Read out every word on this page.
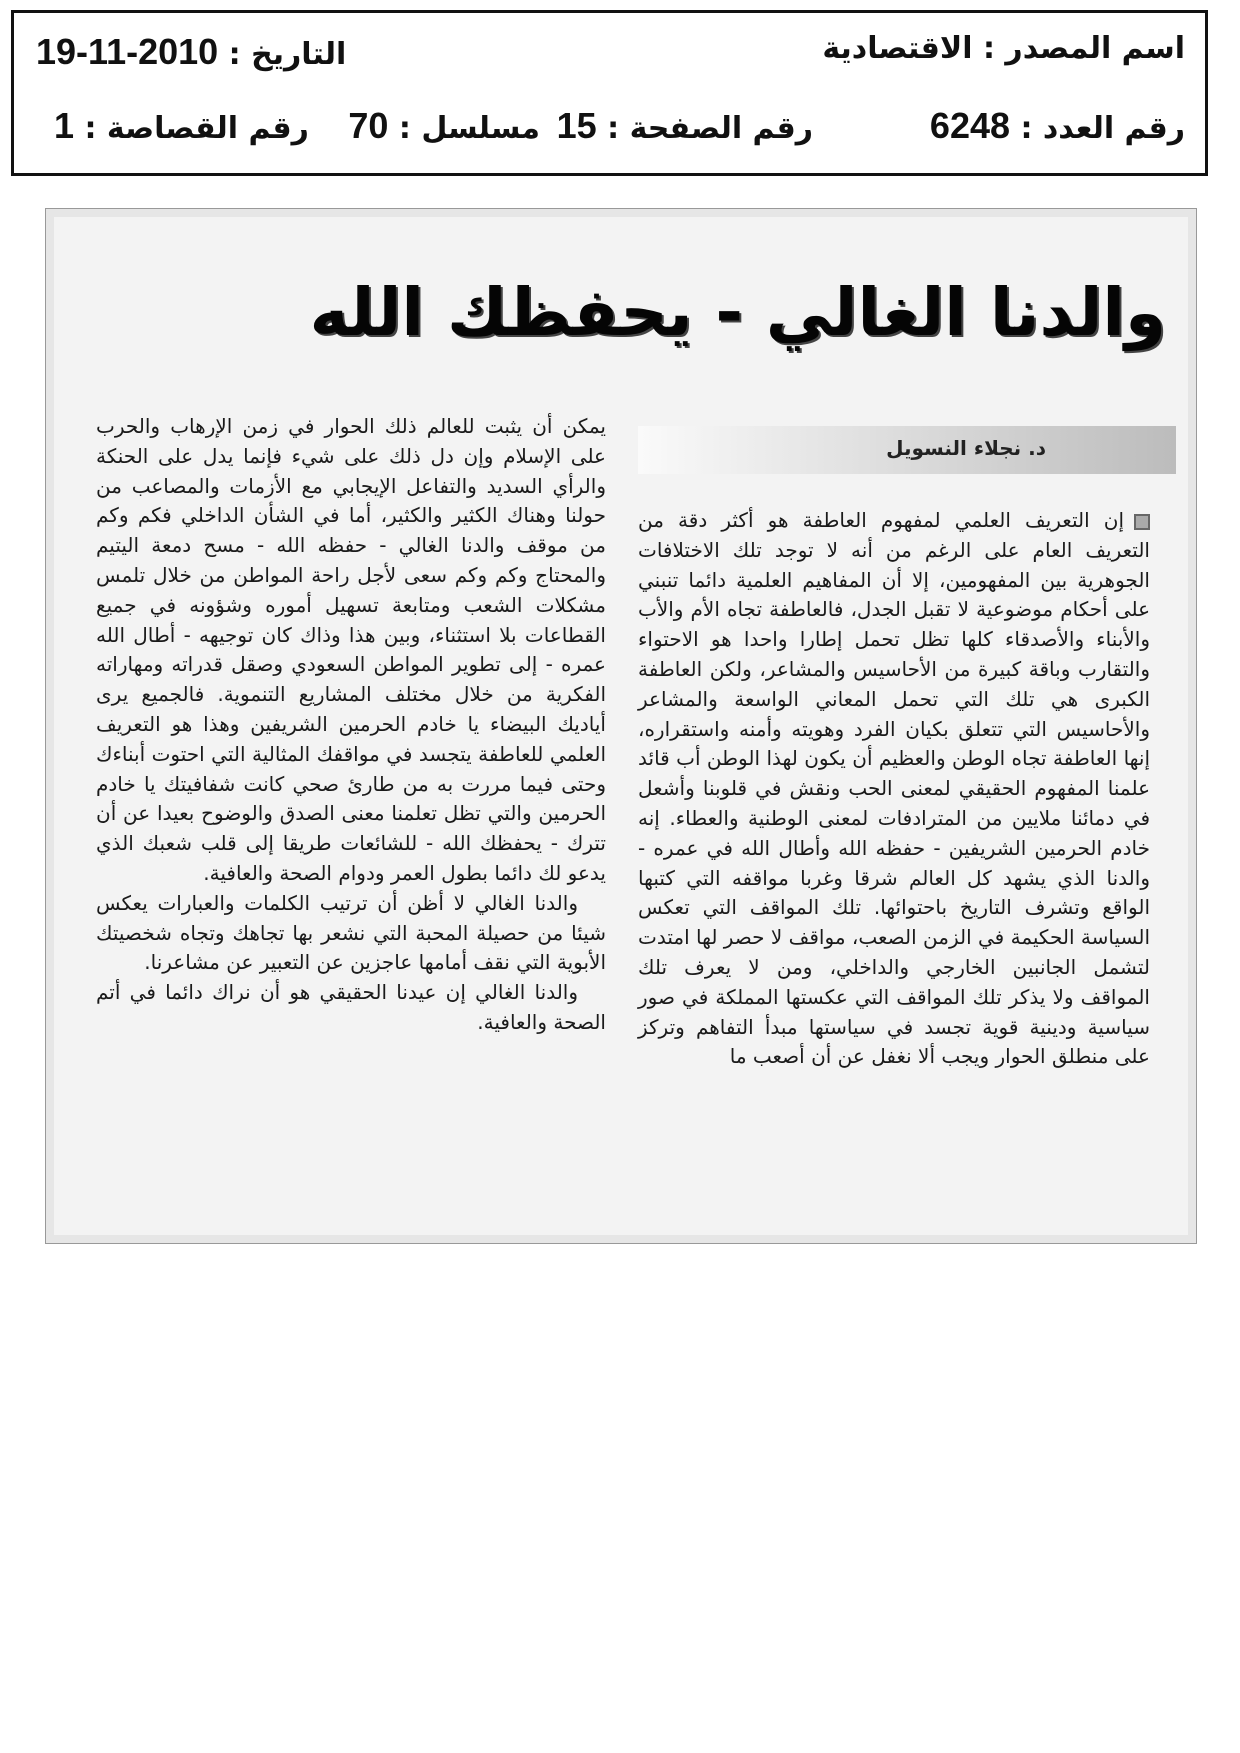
اسم المصدر : الاقتصادية
التاريخ : 19-11-2010
رقم العدد : 6248
رقم الصفحة : 15
مسلسل : 70
رقم القصاصة : 1
والدنا الغالي - يحفظك الله
د. نجلاء النسويل

إن التعريف العلمي لمفهوم العاطفة هو أكثر دقة من التعريف العام على الرغم من أنه لا توجد تلك الاختلافات الجوهرية بين المفهومين، إلا أن المفاهيم العلمية دائما تنبني على أحكام موضوعية لا تقبل الجدل، فالعاطفة تجاه الأم والأب والأبناء والأصدقاء كلها تظل تحمل إطارا واحدا هو الاحتواء والتقارب وباقة كبيرة من الأحاسيس والمشاعر، ولكن العاطفة الكبرى هي تلك التي تحمل المعاني الواسعة والمشاعر والأحاسيس التي تتعلق بكيان الفرد وهويته وأمنه واستقراره، إنها العاطفة تجاه الوطن والعظيم أن يكون لهذا الوطن أب قائد علمنا المفهوم الحقيقي لمعنى الحب ونقش في قلوبنا وأشعل في دمائنا ملايين من المترادفات لمعنى الوطنية والعطاء. إنه خادم الحرمين الشريفين - حفظه الله وأطال الله في عمره - والدنا الذي يشهد كل العالم شرقا وغربا مواقفه التي كتبها الواقع وتشرف التاريخ باحتوائها. تلك المواقف التي تعكس السياسة الحكيمة في الزمن الصعب، مواقف لا حصر لها امتدت لتشمل الجانبين الخارجي والداخلي، ومن لا يعرف تلك المواقف ولا يذكر تلك المواقف التي عكستها المملكة في صور سياسية ودينية قوية تجسد في سياستها مبدأ التفاهم وتركز على منطلق الحوار ويجب ألا نغفل عن أن أصعب ما

يمكن أن يثبت للعالم ذلك الحوار في زمن الإرهاب والحرب على الإسلام وإن دل ذلك على شيء فإنما يدل على الحنكة والرأي السديد والتفاعل الإيجابي مع الأزمات والمصاعب من حولنا وهناك الكثير والكثير، أما في الشأن الداخلي فكم وكم من موقف والدنا الغالي - حفظه الله - مسح دمعة اليتيم والمحتاج وكم وكم سعى لأجل راحة المواطن من خلال تلمس مشكلات الشعب ومتابعة تسهيل أموره وشؤونه في جميع القطاعات بلا استثناء، وبين هذا وذاك كان توجيهه - أطال الله عمره - إلى تطوير المواطن السعودي وصقل قدراته ومهاراته الفكرية من خلال مختلف المشاريع التنموية. فالجميع يرى أياديك البيضاء يا خادم الحرمين الشريفين وهذا هو التعريف العلمي للعاطفة يتجسد في مواقفك المثالية التي احتوت أبناءك وحتى فيما مررت به من طارئ صحي كانت شفافيتك يا خادم الحرمين والتي تظل تعلمنا معنى الصدق والوضوح بعيدا عن أن تترك - يحفظك الله - للشائعات طريقا إلى قلب شعبك الذي يدعو لك دائما بطول العمر ودوام الصحة والعافية.

والدنا الغالي لا أظن أن ترتيب الكلمات والعبارات يعكس شيئا من حصيلة المحبة التي نشعر بها تجاهك وتجاه شخصيتك الأبوية التي نقف أمامها عاجزين عن التعبير عن مشاعرنا.

والدنا الغالي إن عيدنا الحقيقي هو أن نراك دائما في أتم الصحة والعافية.
